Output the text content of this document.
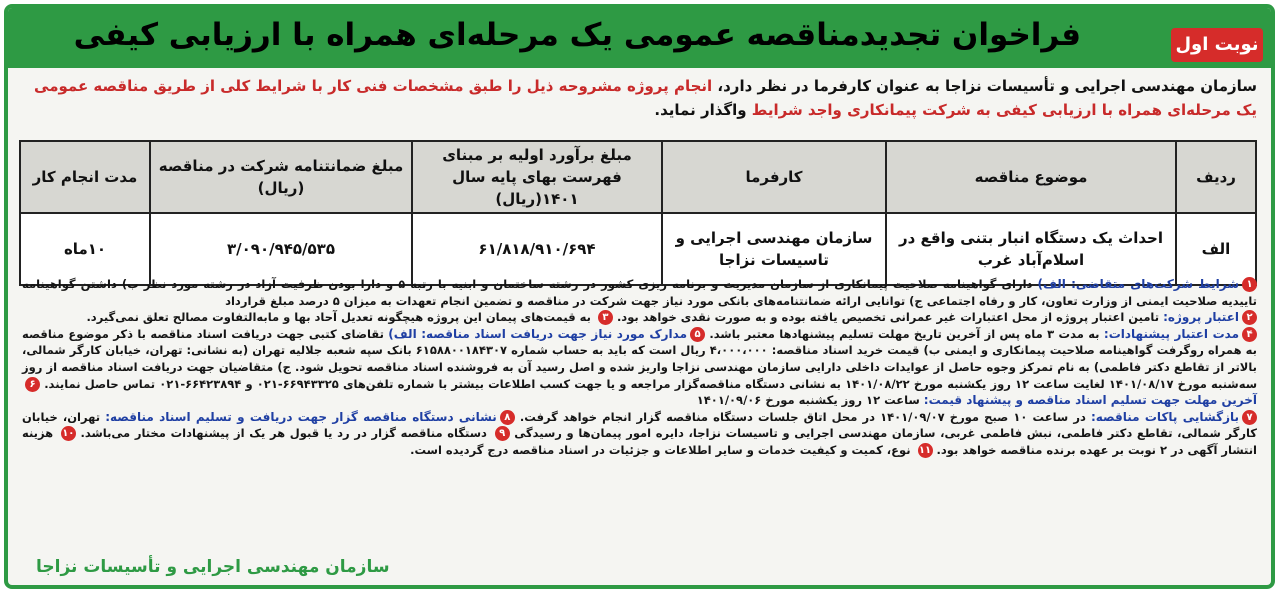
فراخوان تجدیدمناقصه عمومی یک مرحله‌ای همراه با ارزیابی کیفی	نوبت اول
سازمان مهندسی اجرایی و تأسیسات نزاجا به عنوان کارفرما در نظر دارد، انجام پروژه مشروحه ذیل را طبق مشخصات فنی کار با شرایط کلی از طریق مناقصه عمومی یک مرحله‌ای همراه با ارزیابی کیفی به شرکت پیمانکاری واجد شرایط واگذار نماید.
ردیف	موضوع مناقصه	کارفرما	مبلغ برآورد اولیه بر مبنای فهرست بهای پایه سال ۱۴۰۱(ریال)	مبلغ ضمانتنامه شرکت در مناقصه (ریال)	مدت انجام کار
الف	احداث یک دستگاه انبار بتنی واقع در اسلام‌آباد غرب	سازمان مهندسی اجرایی و تاسیسات نزاجا	۶۱/۸۱۸/۹۱۰/۶۹۴	۳/۰۹۰/۹۴۵/۵۳۵	۱۰ماه

۱شرایط شرکت‌های متقاضی: الف) دارای گواهینامه صلاحیت پیمانکاری از سازمان مدیریت و برنامه ریزی کشور در رشته ساختمان و ابنیه با رتبه ۵ و دارا بودن ظرفیت آزاد در رشته مورد نظر ب) داشتن گواهینامه تاییدیه صلاحیت ایمنی از وزارت تعاون، کار و رفاه اجتماعی ج) توانایی ارائه ضمانتنامه‌های بانکی مورد نیاز جهت شرکت در مناقصه و تضمین انجام تعهدات به میزان ۵ درصد مبلغ قرارداد

۲اعتبار پروژه: تامین اعتبار پروژه از محل اعتبارات غیر عمرانی تخصیص یافته بوده و به صورت نقدی خواهد بود. ۳ به قیمت‌های پیمان این پروژه هیچگونه تعدیل آحاد بها و مابه‌التفاوت مصالح تعلق نمی‌گیرد.

۴مدت اعتبار پیشنهادات: به مدت ۳ ماه پس از آخرین تاریخ مهلت تسلیم پیشنهادها معتبر باشد. ۵مدارک مورد نیاز جهت دریافت اسناد مناقصه: الف) تقاضای کتبی جهت دریافت اسناد مناقصه با ذکر موضوع مناقصه به همراه روگرفت گواهینامه صلاحیت پیمانکاری و ایمنی ب) قیمت خرید اسناد مناقصه: ۴،۰۰۰،۰۰۰ ریال است که باید به حساب شماره ۶۱۵۸۸۰۰۱۸۴۳۰۷ بانک سپه شعبه جلالیه تهران (به نشانی: تهران، خیابان کارگر شمالی، بالاتر از تقاطع دکتر فاطمی) به نام تمرکز وجوه حاصل از عوایدات داخلی دارایی سازمان مهندسی نزاجا واریز شده و اصل رسید آن به فروشنده اسناد مناقصه تحویل شود. ج) متقاضیان جهت دریافت اسناد مناقصه از روز سه‌شنبه مورخ ۱۴۰۱/۰۸/۱۷ لغایت ساعت ۱۲ روز یکشنبه مورخ ۱۴۰۱/۰۸/۲۲ به نشانی دستگاه مناقصه‌گزار مراجعه و یا جهت کسب اطلاعات بیشتر با شماره تلفن‌های ۶۶۹۴۳۳۲۵-۰۲۱ و ۶۶۴۲۳۸۹۴-۰۲۱ تماس حاصل نمایند. ۶آخرین مهلت جهت تسلیم اسناد مناقصه و پیشنهاد قیمت: ساعت ۱۲ روز یکشنبه مورخ ۱۴۰۱/۰۹/۰۶

۷بازگشایی پاکات مناقصه: در ساعت ۱۰ صبح مورخ ۱۴۰۱/۰۹/۰۷ در محل اتاق جلسات دستگاه مناقصه گزار انجام خواهد گرفت. ۸نشانی دستگاه مناقصه گزار جهت دریافت و تسلیم اسناد مناقصه: تهران، خیابان کارگر شمالی، تقاطع دکتر فاطمی، نبش فاطمی غربی، سازمان مهندسی اجرایی و تاسیسات نزاجا، دایره امور پیمان‌ها و رسیدگی ۹ دستگاه مناقصه گزار در رد یا قبول هر یک از پیشنهادات مختار می‌باشد. ۱۰ هزینه انتشار آگهی در ۲ نوبت بر عهده برنده مناقصه خواهد بود. ۱۱ نوع، کمیت و کیفیت خدمات و سایر اطلاعات و جزئیات در اسناد مناقصه درج گردیده است.

سازمان مهندسی اجرایی و تأسیسات نزاجا
